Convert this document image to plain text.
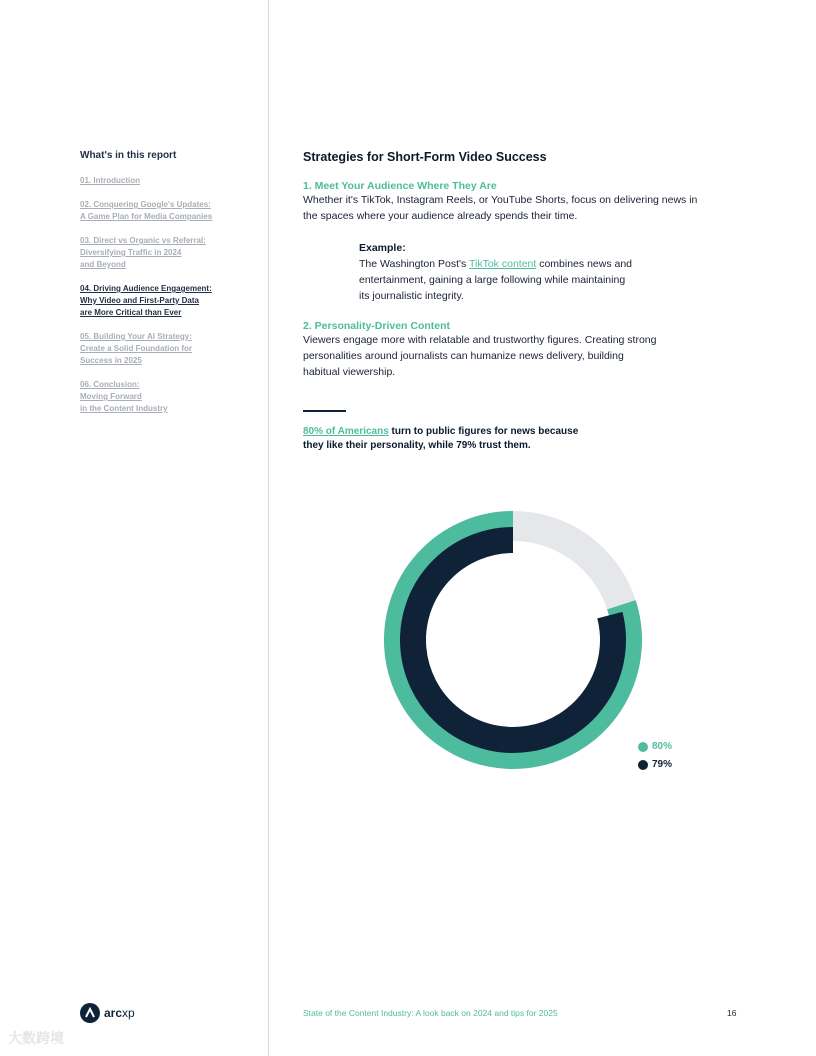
What's in this report
01. Introduction
02. Conquering Google's Updates:
A Game Plan for Media Companies
03. Direct vs Organic vs Referral:
Diversifying Traffic in 2024
and Beyond
04. Driving Audience Engagement:
Why Video and First-Party Data
are More Critical than Ever
05. Building Your AI Strategy:
Create a Solid Foundation for
Success in 2025
06. Conclusion:
Moving Forward
in the Content Industry
Strategies for Short-Form Video Success
1. Meet Your Audience Where They Are

Whether it's TikTok, Instagram Reels, or YouTube Shorts, focus on delivering news in
the spaces where your audience already spends their time.

Example:

The Washington Post's TikTok content combines news and
entertainment, gaining a large following while maintaining
its journalistic integrity.

2. Personality-Driven Content

Viewers engage more with relatable and trustworthy figures. Creating strong
personalities around journalists can humanize news delivery, building
habitual viewership.

80% of Americans turn to public figures for news because
they like their personality, while 79% trust them.

80%
79%
arcxp	State of the Content Industry: A look back on 2024 and tips for 2025	16
大数跨境
